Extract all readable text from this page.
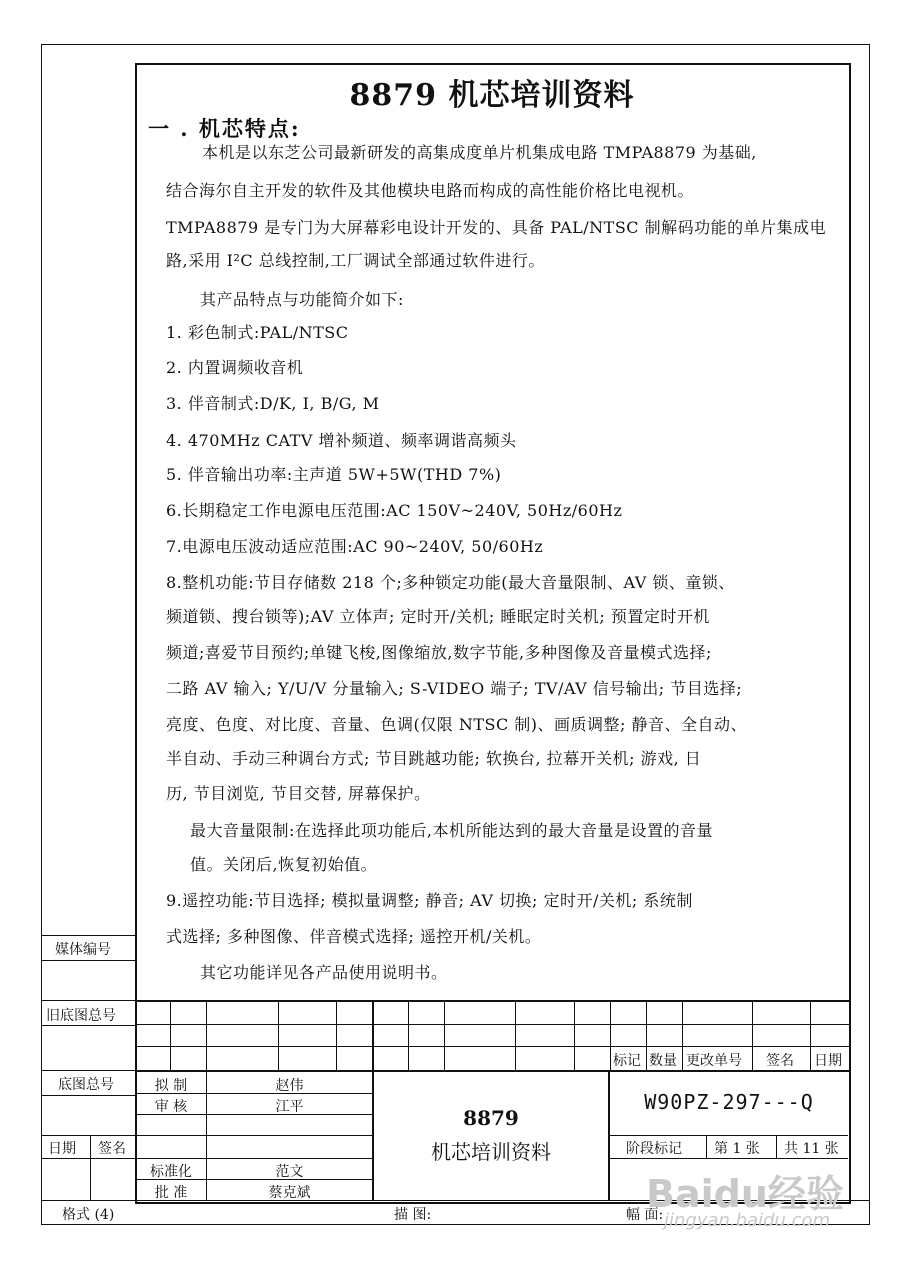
8879 机芯培训资料
一 . 机芯特点:
本机是以东芝公司最新研发的高集成度单片机集成电路 TMPA8879 为基础,
结合海尔自主开发的软件及其他模块电路而构成的高性能价格比电视机。
TMPA8879 是专门为大屏幕彩电设计开发的、具备 PAL/NTSC 制解码功能的单片集成电
路,采用 I²C 总线控制,工厂调试全部通过软件进行。
其产品特点与功能简介如下:
1. 彩色制式:PAL/NTSC
2. 内置调频收音机
3. 伴音制式:D/K, I, B/G, M
4. 470MHz CATV 增补频道、频率调谐高频头
5. 伴音输出功率:主声道 5W+5W(THD 7%)
6.长期稳定工作电源电压范围:AC 150V~240V, 50Hz/60Hz
7.电源电压波动适应范围:AC 90~240V, 50/60Hz
8.整机功能:节目存储数 218 个;多种锁定功能(最大音量限制、AV 锁、童锁、
频道锁、搜台锁等);AV 立体声; 定时开/关机; 睡眠定时关机; 预置定时开机
频道;喜爱节目预约;单键飞梭,图像缩放,数字节能,多种图像及音量模式选择;
二路 AV 输入; Y/U/V 分量输入; S-VIDEO 端子; TV/AV 信号输出; 节目选择;
亮度、色度、对比度、音量、色调(仅限 NTSC 制)、画质调整; 静音、全自动、
半自动、手动三种调台方式; 节目跳越功能; 软换台, 拉幕开关机; 游戏, 日
历, 节目浏览, 节目交替, 屏幕保护。
最大音量限制:在选择此项功能后,本机所能达到的最大音量是设置的音量
值。关闭后,恢复初始值。
9.遥控功能:节目选择; 模拟量调整; 静音; AV 切换; 定时开/关机; 系统制
式选择; 多种图像、伴音模式选择; 遥控开机/关机。
其它功能详见各产品使用说明书。
媒体编号
旧底图总号
底图总号
日期 签名
标记 数量 更改单号 签名 日期
拟 制	赵伟
审 核	江平
标准化	范文
批 准	蔡克斌
8879
机芯培训资料
W90PZ-297---Q
阶段标记 第 1 张 共 11 张
格式 (4)	描 图:	幅 面:
Baidu经验
jingyan.baidu.com
